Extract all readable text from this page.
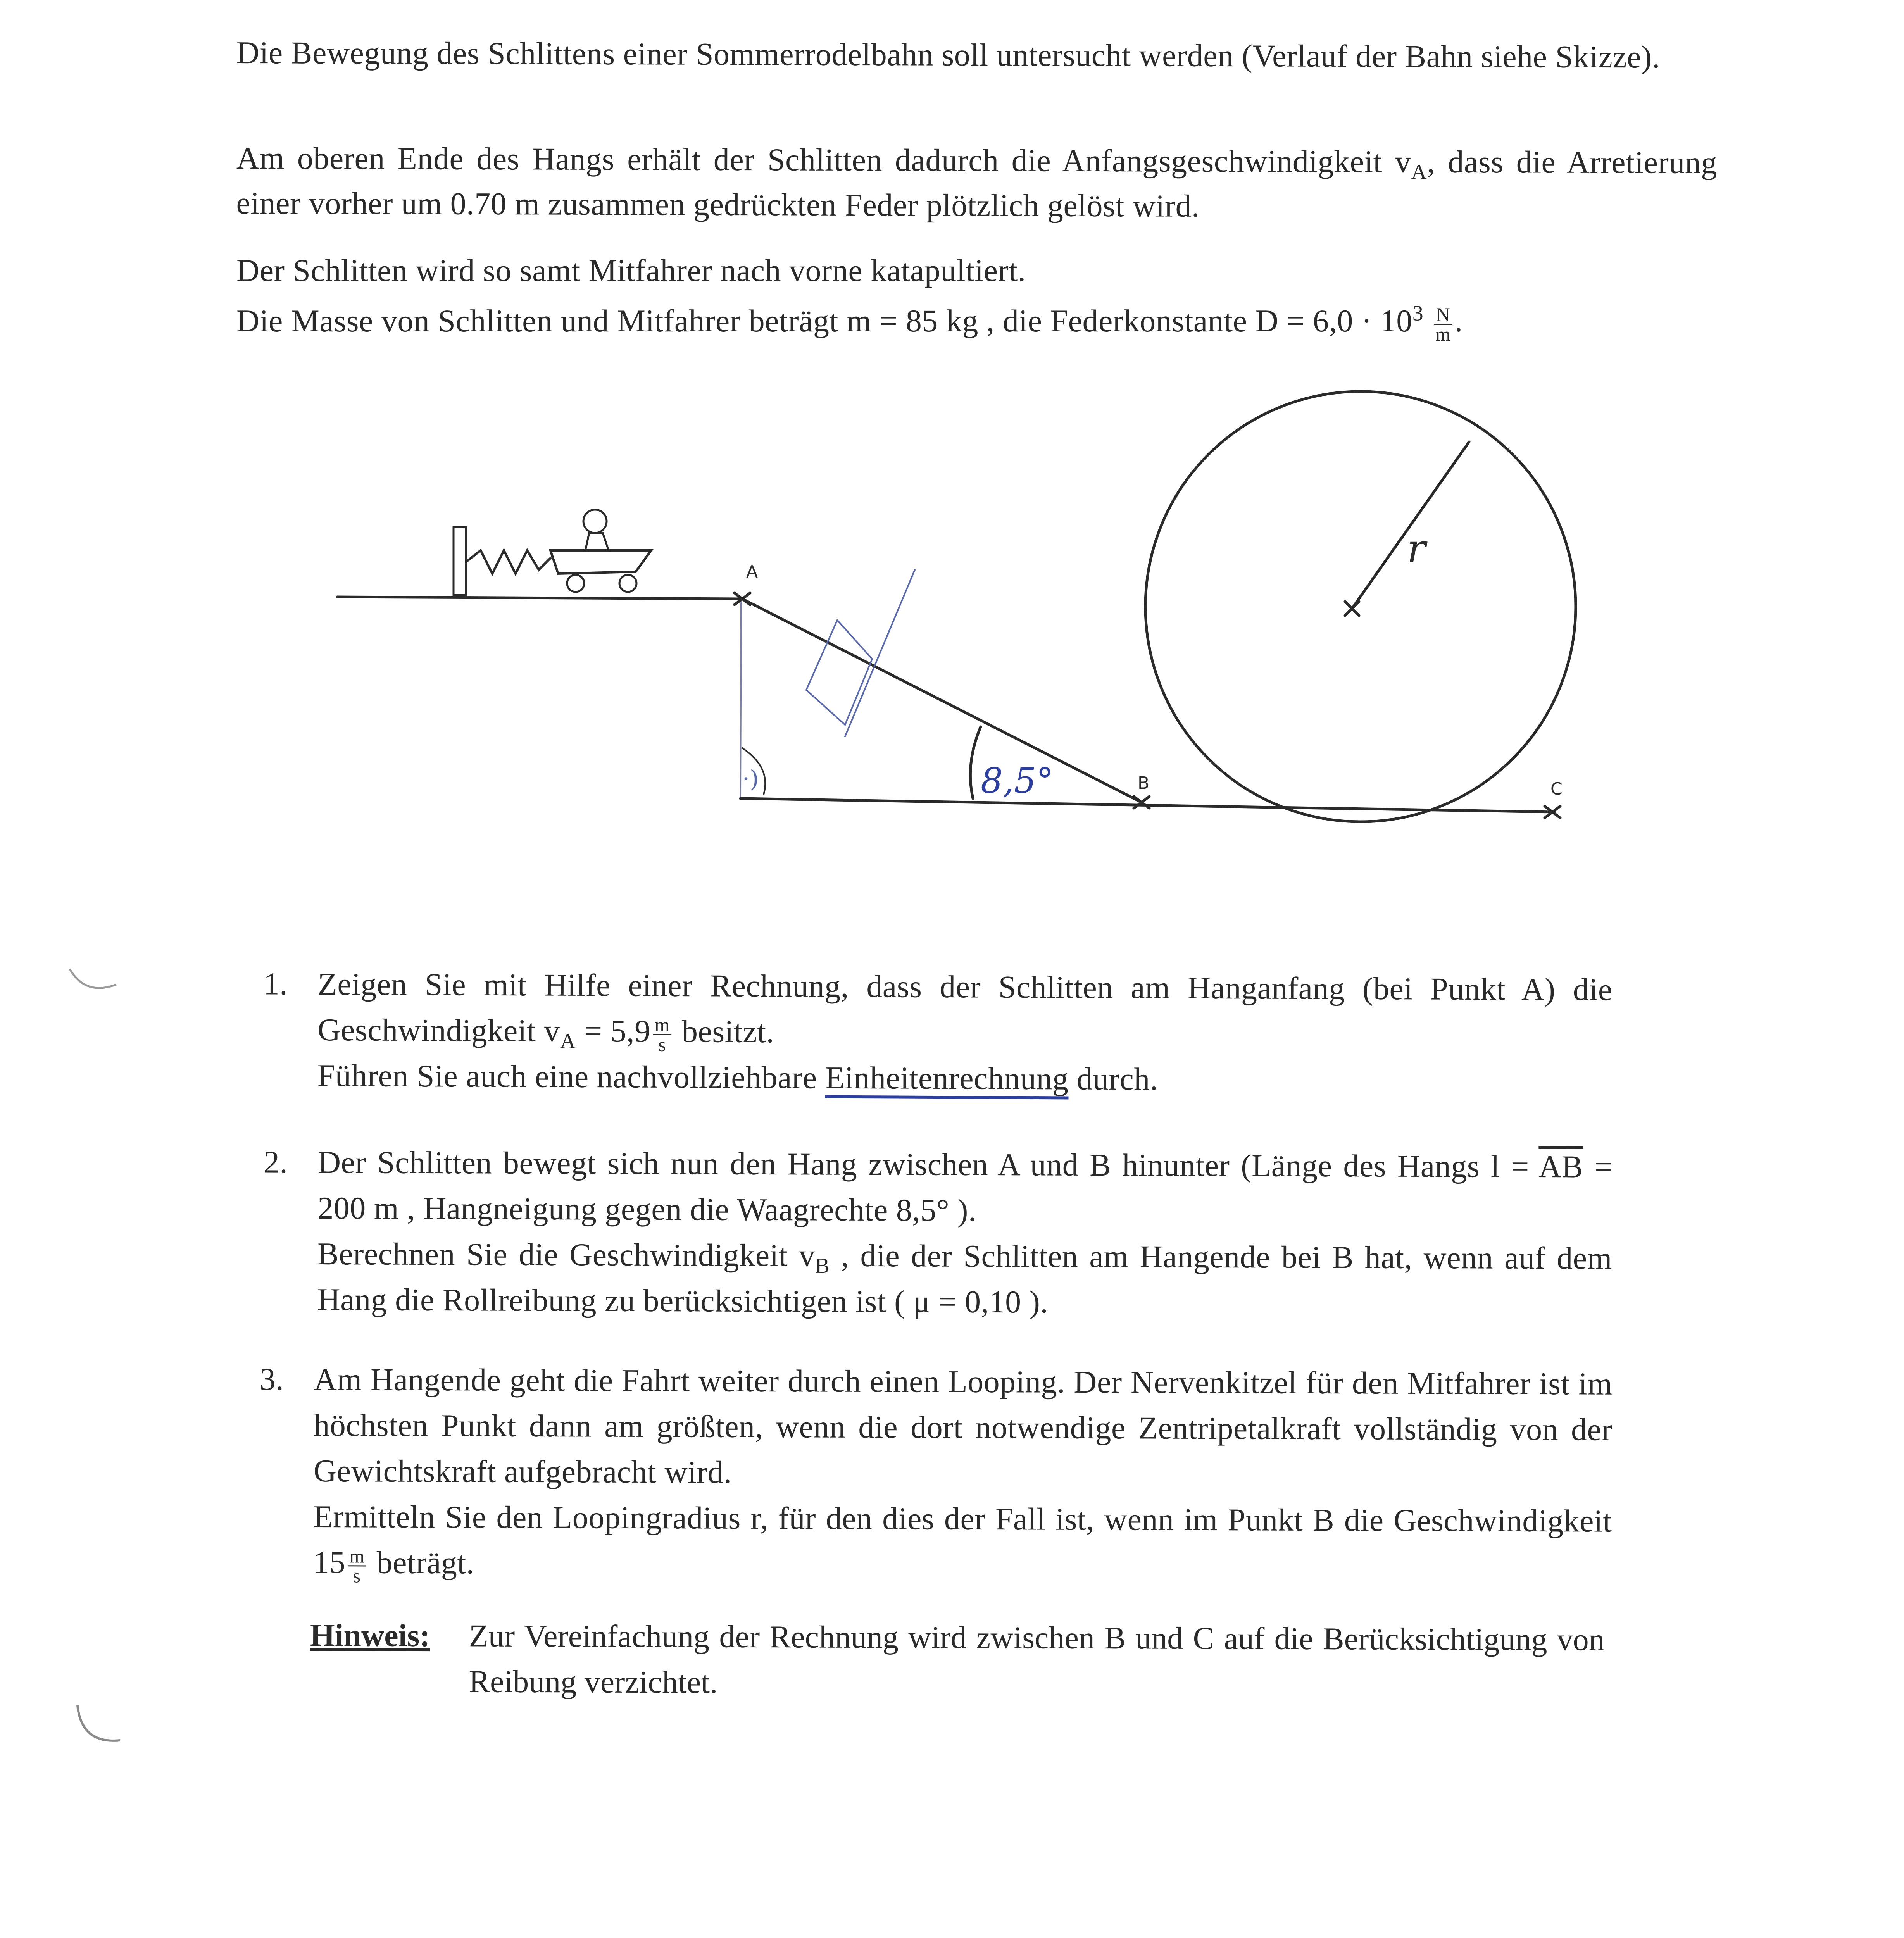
Die Bewegung des Schlittens einer Sommerrodelbahn soll untersucht werden (Verlauf der Bahn siehe Skizze).

Am oberen Ende des Hangs erhält der Schlitten dadurch die Anfangsgeschwindigkeit $v_A$, dass die Arretierung einer vorher um 0.70 m zusammen gedrückten Feder plötzlich gelöst wird.

Der Schlitten wird so samt Mitfahrer nach vorne katapultiert.

Die Masse von Schlitten und Mitfahrer beträgt m = 85 kg , die Federkonstante $D = 6,0 \cdot 10^3 \frac{N}{m}$ .

A
B	C
r
8,5°
·)
1. Zeigen Sie mit Hilfe einer Rechnung, dass der Schlitten am Hanganfang (bei Punkt A) die Geschwindigkeit $v_A = 5,9 \frac{m}{s}$ besitzt.

Führen Sie auch eine nachvollziehbare Einheitenrechnung durch.

2. Der Schlitten bewegt sich nun den Hang zwischen A und B hinunter (Länge des Hangs $l = \overline{AB} = 200$ m , Hangneigung gegen die Waagrechte 8,5° ).

Berechnen Sie die Geschwindigkeit $v_B$ , die der Schlitten am Hangende bei B hat, wenn auf dem Hang die Rollreibung zu berücksichtigen ist ( μ = 0,10 ).

3. Am Hangende geht die Fahrt weiter durch einen Looping. Der Nervenkitzel für den Mitfahrer ist im höchsten Punkt dann am größten, wenn die dort notwendige Zentripetalkraft vollständig von der Gewichtskraft aufgebracht wird.

Ermitteln Sie den Loopingradius r, für den dies der Fall ist, wenn im Punkt B die Geschwindigkeit $15 \frac{m}{s}$ beträgt.

Hinweis: Zur Vereinfachung der Rechnung wird zwischen B und C auf die Berücksichtigung von Reibung verzichtet.
